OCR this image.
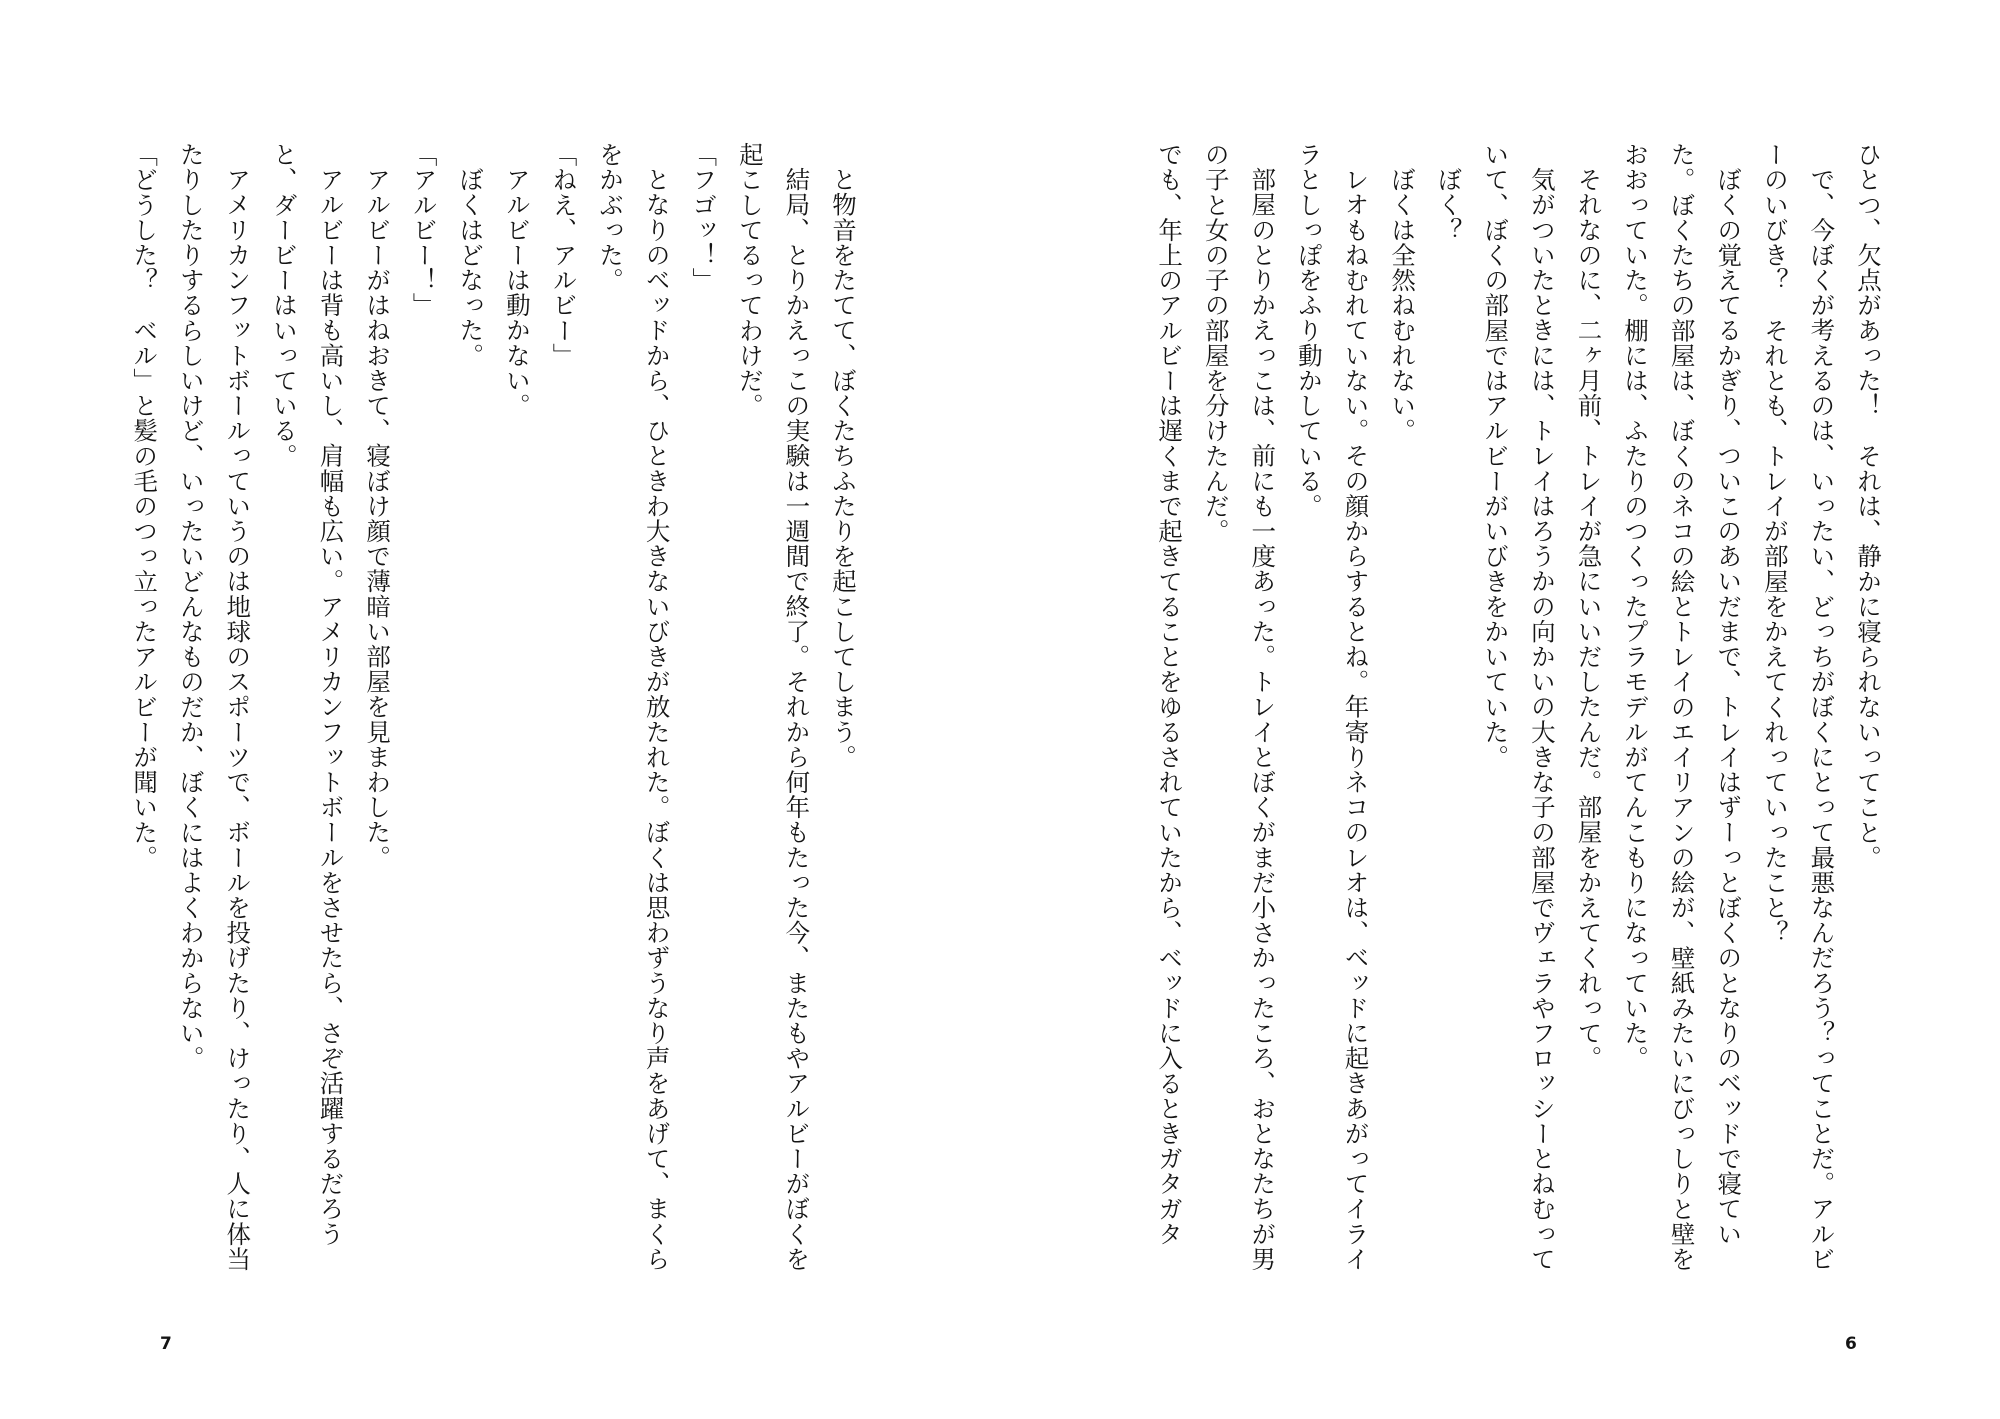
と物音をたてて、ぼくたちふたりを起こしてしまう。

結局、とりかえっこの実験は一週間で終了。それから何年もたった今、またもやアルビーがぼくを起こしてるってわけだ。

「フゴッ！」

となりのベッドから、ひときわ大きないびきが放たれた。ぼくは思わずうなり声をあげて、まくらをかぶった。

「ねえ、アルビー」

アルビーは動かない。

ぼくはどなった。

「アルビー！」

アルビーがはねおきて、寝ぼけ顔で薄暗い部屋を見まわした。

アルビーは背も高いし、肩幅も広い。アメリカンフットボールをさせたら、さぞ活躍するだろうと、ダービーはいっている。

アメリカンフットボールっていうのは地球のスポーツで、ボールを投げたり、けったり、人に体当たりしたりするらしいけど、いったいどんなものだか、ぼくにはよくわからない。

「どうした？　ベル」と髪の毛のつっ立ったアルビーが聞いた。

7

ひとつ、欠点があった！　それは、静かに寝られないってこと。

で、今ぼくが考えるのは、いったい、どっちがぼくにとって最悪なんだろう？ってことだ。アルビーのいびき？　それとも、トレイが部屋をかえてくれっていったこと？

ぼくの覚えてるかぎり、ついこのあいだまで、トレイはずーっとぼくのとなりのベッドで寝ていた。ぼくたちの部屋は、ぼくのネコの絵とトレイのエイリアンの絵が、壁紙みたいにびっしりと壁をおおっていた。棚には、ふたりのつくったプラモデルがてんこもりになっていた。

それなのに、二ヶ月前、トレイが急にいいだしたんだ。部屋をかえてくれって。

気がついたときには、トレイはろうかの向かいの大きな子の部屋でヴェラやフロッシーとねむっていて、ぼくの部屋ではアルビーがいびきをかいていた。

ぼく？

ぼくは全然ねむれない。

レオもねむれていない。その顔からするとね。年寄りネコのレオは、ベッドに起きあがってイライラとしっぽをふり動かしている。

部屋のとりかえっこは、前にも一度あった。トレイとぼくがまだ小さかったころ、おとなたちが男の子と女の子の部屋を分けたんだ。

でも、年上のアルビーは遅くまで起きてることをゆるされていたから、ベッドに入るときガタガタ

6
